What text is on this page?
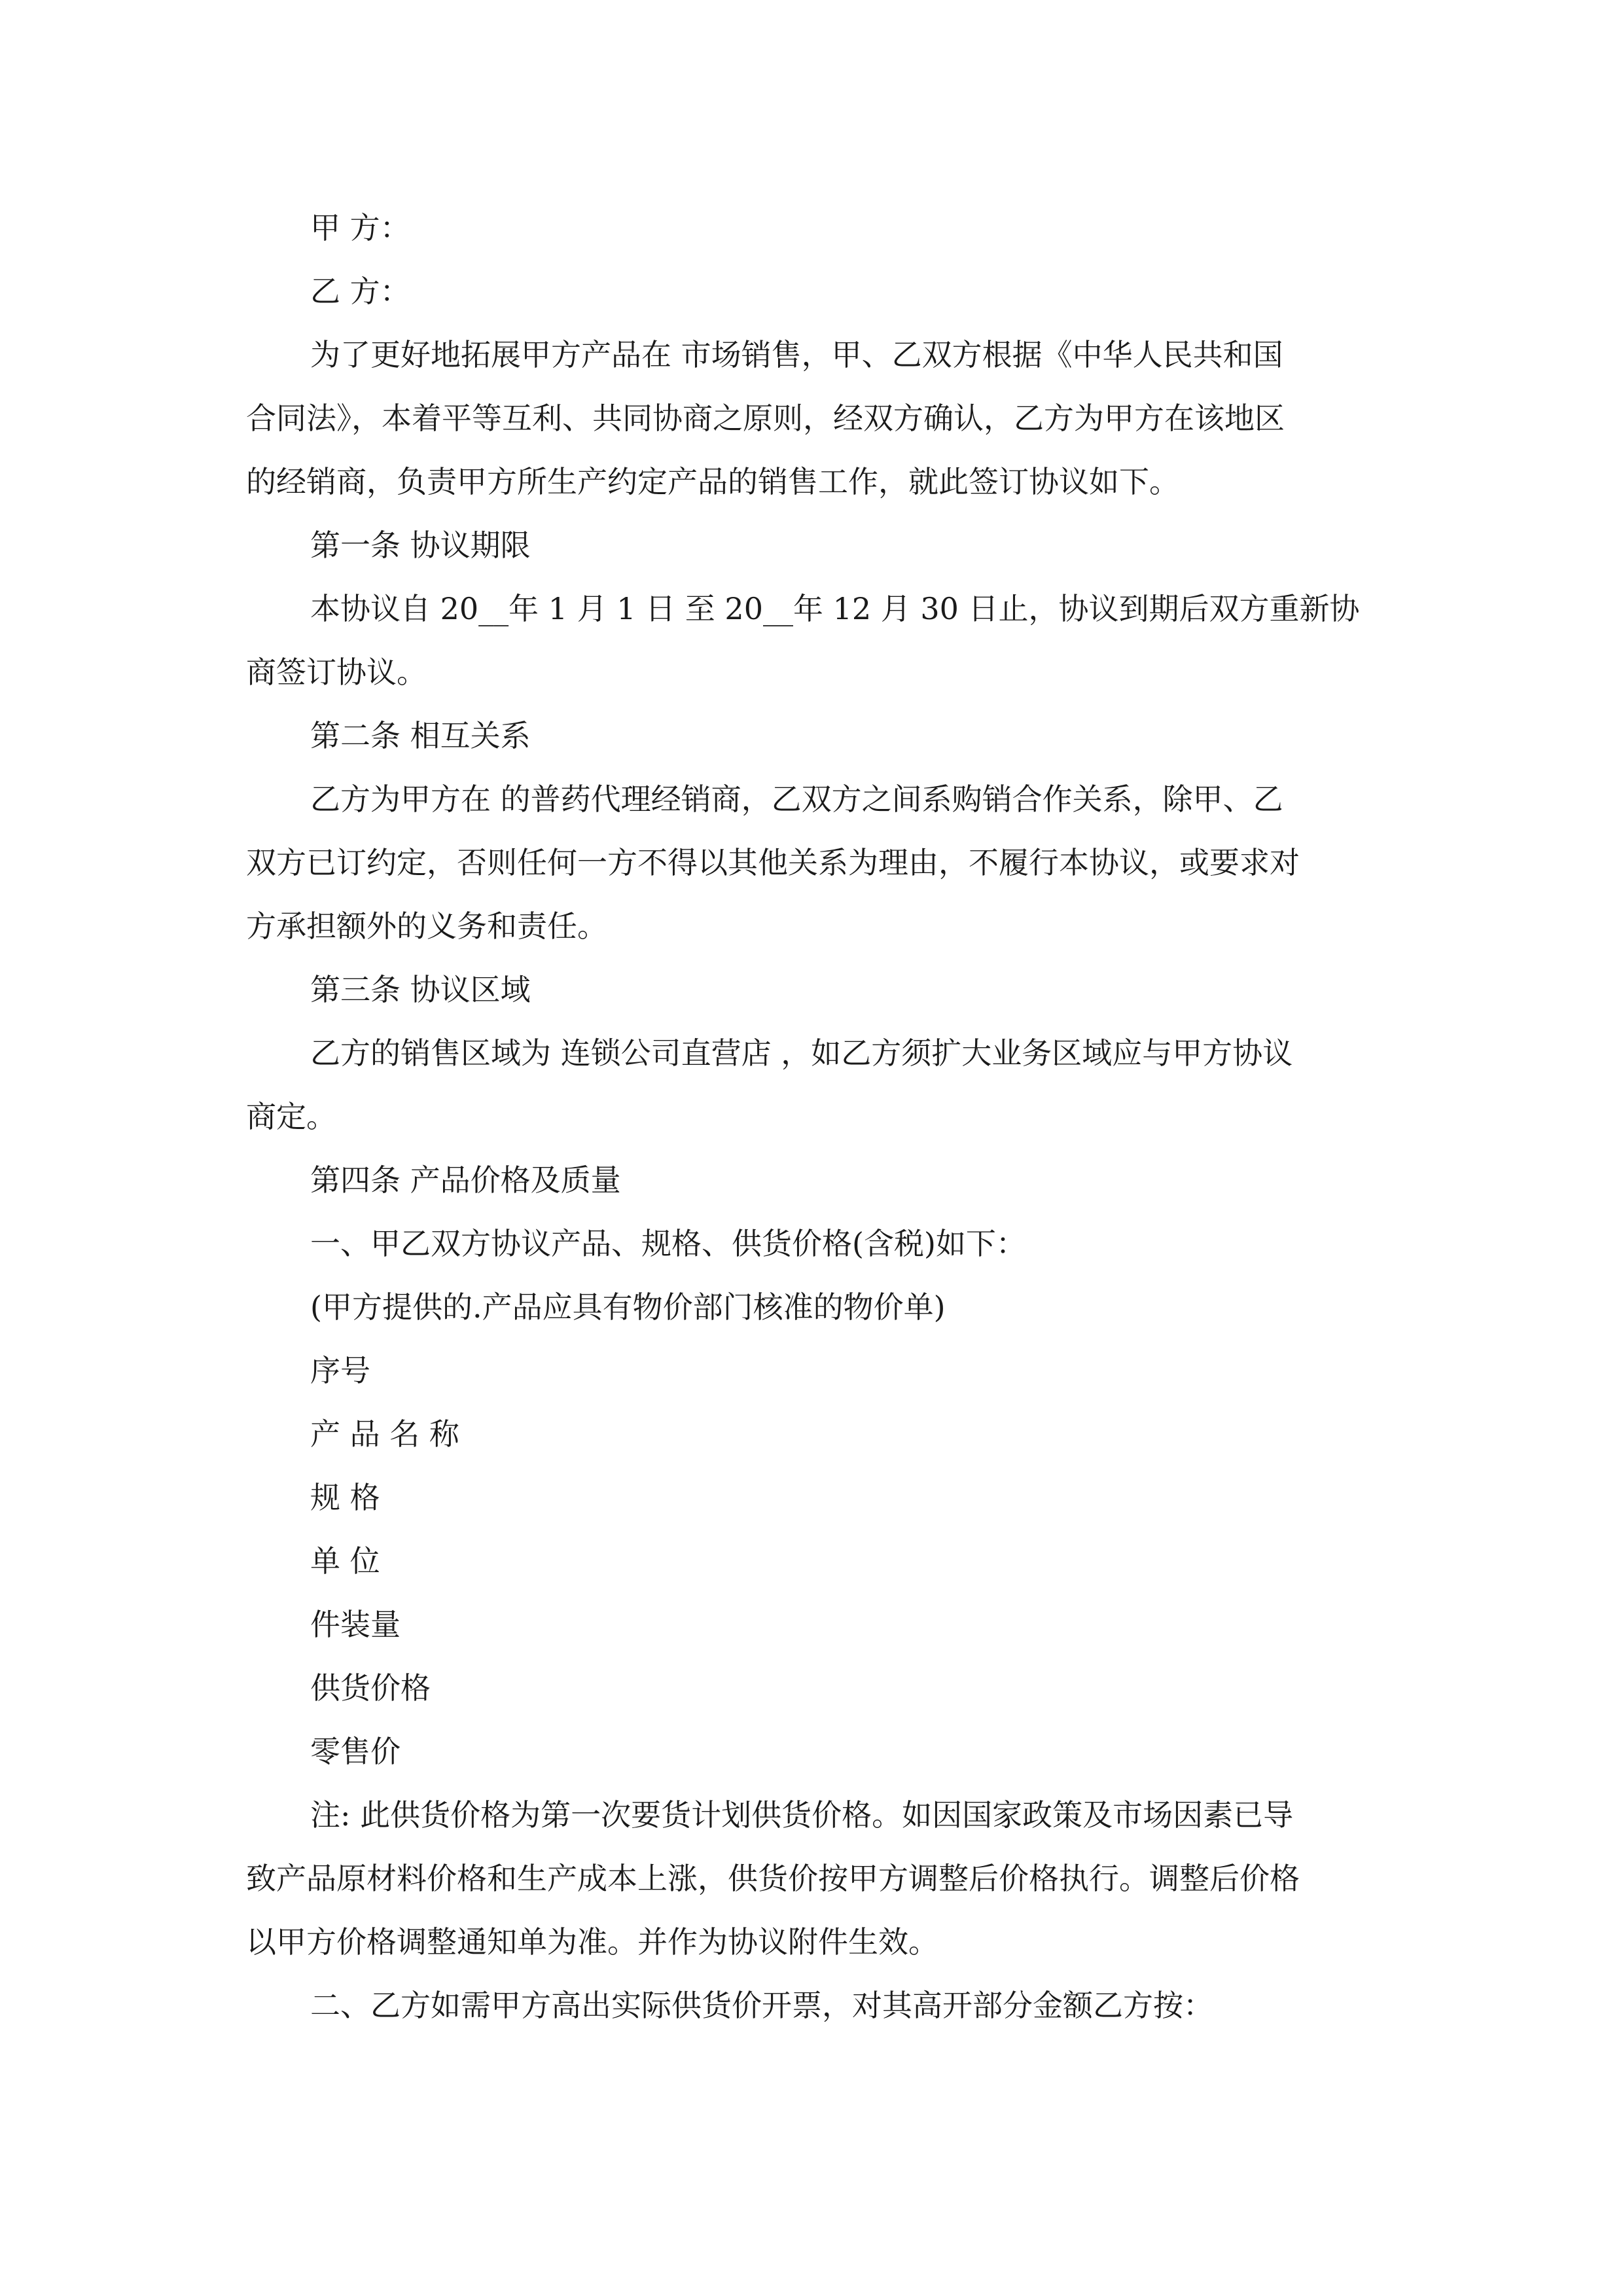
甲 方：
乙 方：
为了更好地拓展甲方产品在 市场销售，甲、乙双方根据《中华人民共和国
合同法》，本着平等互利、共同协商之原则，经双方确认，乙方为甲方在该地区
的经销商，负责甲方所生产约定产品的销售工作，就此签订协议如下。
第一条 协议期限
本协议自 20__年 1 月 1 日 至 20__年 12 月 30 日止，协议到期后双方重新协
商签订协议。
第二条 相互关系
乙方为甲方在 的普药代理经销商，乙双方之间系购销合作关系，除甲、乙
双方已订约定，否则任何一方不得以其他关系为理由，不履行本协议，或要求对
方承担额外的义务和责任。
第三条 协议区域
乙方的销售区域为 连锁公司直营店 ，如乙方须扩大业务区域应与甲方协议
商定。
第四条 产品价格及质量
一、甲乙双方协议产品、规格、供货价格(含税)如下：
(甲方提供的.产品应具有物价部门核准的物价单)
序号
产 品 名 称
规 格
单 位
件装量
供货价格
零售价
注: 此供货价格为第一次要货计划供货价格。如因国家政策及市场因素已导
致产品原材料价格和生产成本上涨，供货价按甲方调整后价格执行。调整后价格
以甲方价格调整通知单为准。并作为协议附件生效。
二、乙方如需甲方高出实际供货价开票，对其高开部分金额乙方按：
